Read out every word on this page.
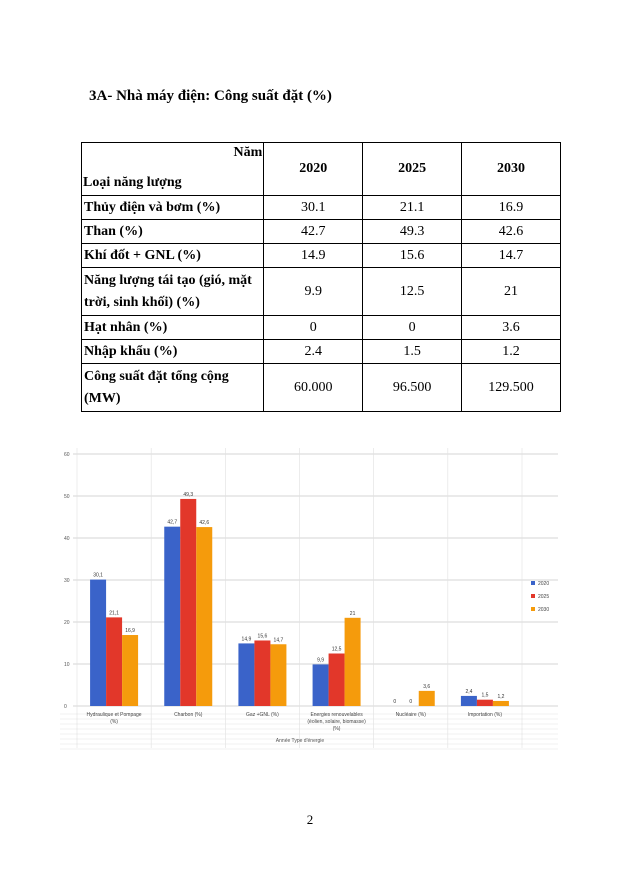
3A- Nhà máy điện: Công suất đặt (%)
Năm
Loại năng lượng	2020	2025	2030
Thủy điện và bơm (%)	30.1	21.1	16.9
Than (%)	42.7	49.3	42.6
Khí đốt + GNL (%)	14.9	15.6	14.7
Năng lượng tái tạo (gió, mặt trời, sinh khối) (%)	9.9	12.5	21
Hạt nhân (%)	0	0	3.6
Nhập khẩu (%)	2.4	1.5	1.2
Công suất đặt tổng cộng (MW)	60.000	96.500	129.500
0
10
20
30
40
50
60
30,1
21,1
16,9
Hydraulique et Pompage
(%)
42,7
49,3
42,6
Charbon (%)
14,9 15,6
14,7
Gaz +GNL (%)
9,9
12,5
21
Energies renouvelables
(éolien, solaire, biomasse)
(%)
0	0
3,6
Nucléaire (%)
2,4
1,5 1,2
Importation (%)
Année Type d'énergie
2020
2025
2030
2
